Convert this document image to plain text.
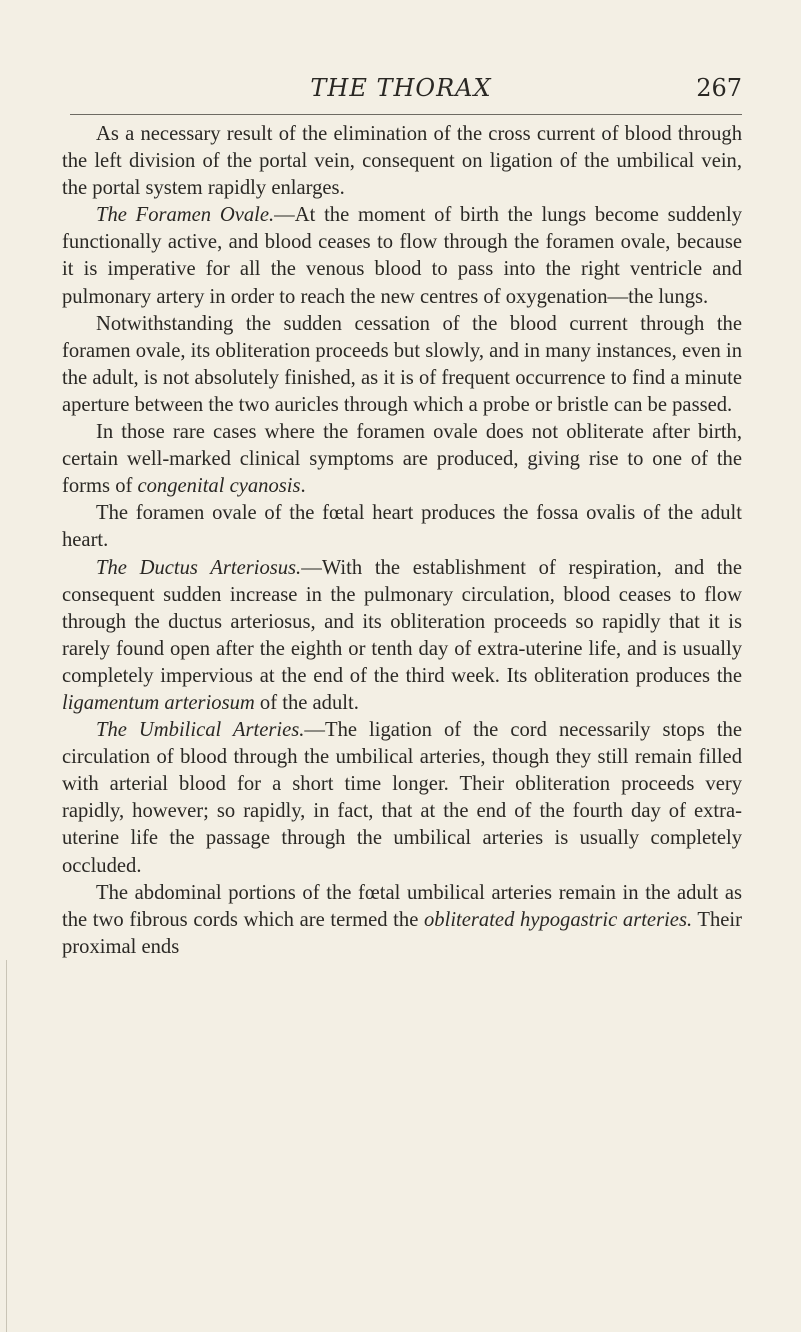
THE THORAX	267

As a necessary result of the elimination of the cross current of blood through the left division of the portal vein, consequent on ligation of the umbilical vein, the portal system rapidly enlarges.

The Foramen Ovale.—At the moment of birth the lungs become suddenly functionally active, and blood ceases to flow through the foramen ovale, because it is imperative for all the venous blood to pass into the right ventricle and pulmonary artery in order to reach the new centres of oxygenation—the lungs.

Notwithstanding the sudden cessation of the blood current through the foramen ovale, its obliteration proceeds but slowly, and in many instances, even in the adult, is not absolutely finished, as it is of frequent occurrence to find a minute aperture between the two auricles through which a probe or bristle can be passed.

In those rare cases where the foramen ovale does not obliterate after birth, certain well-marked clinical symptoms are produced, giving rise to one of the forms of congenital cyanosis.

The foramen ovale of the fœtal heart produces the fossa ovalis of the adult heart.

The Ductus Arteriosus.—With the establishment of respiration, and the consequent sudden increase in the pulmonary circulation, blood ceases to flow through the ductus arteriosus, and its obliteration proceeds so rapidly that it is rarely found open after the eighth or tenth day of extra-uterine life, and is usually completely impervious at the end of the third week. Its obliteration produces the ligamentum arteriosum of the adult.

The Umbilical Arteries.—The ligation of the cord necessarily stops the circulation of blood through the umbilical arteries, though they still remain filled with arterial blood for a short time longer. Their obliteration proceeds very rapidly, however; so rapidly, in fact, that at the end of the fourth day of extra-uterine life the passage through the umbilical arteries is usually completely occluded.

The abdominal portions of the fœtal umbilical arteries remain in the adult as the two fibrous cords which are termed the obliterated hypogastric arteries. Their proximal ends
